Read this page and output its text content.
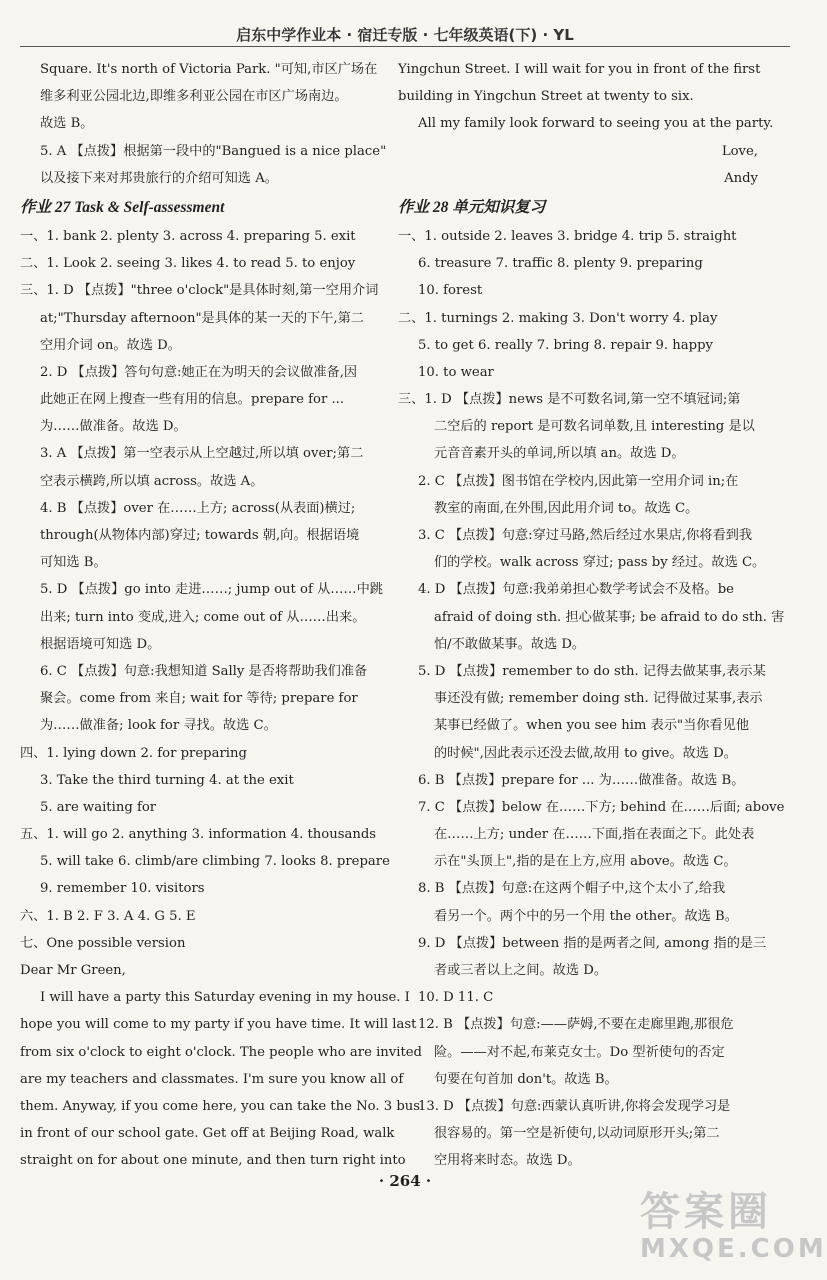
启东中学作业本 · 宿迁专版 · 七年级英语(下) · YL
Square. It's north of Victoria Park. "可知,市区广场在
维多利亚公园北边,即维多利亚公园在市区广场南边。
故选 B。
5. A 【点拨】根据第一段中的"Bangued is a nice place"
以及接下来对邦贵旅行的介绍可知选 A。
作业 27 Task & Self-assessment
一、1. bank 2. plenty 3. across 4. preparing 5. exit
二、1. Look 2. seeing 3. likes 4. to read 5. to enjoy
三、1. D 【点拨】"three o'clock"是具体时刻,第一空用介词
at;"Thursday afternoon"是具体的某一天的下午,第二
空用介词 on。故选 D。
2. D 【点拨】答句句意:她正在为明天的会议做准备,因
此她正在网上搜查一些有用的信息。prepare for ...
为……做准备。故选 D。
3. A 【点拨】第一空表示从上空越过,所以填 over;第二
空表示横跨,所以填 across。故选 A。
4. B 【点拨】over 在……上方; across(从表面)横过;
through(从物体内部)穿过; towards 朝,向。根据语境
可知选 B。
5. D 【点拨】go into 走进……; jump out of 从……中跳
出来; turn into 变成,进入; come out of 从……出来。
根据语境可知选 D。
6. C 【点拨】句意:我想知道 Sally 是否将帮助我们准备
聚会。come from 来自; wait for 等待; prepare for
为……做准备; look for 寻找。故选 C。
四、1. lying down 2. for preparing
3. Take the third turning 4. at the exit
5. are waiting for
五、1. will go 2. anything 3. information 4. thousands
5. will take 6. climb/are climbing 7. looks 8. prepare
9. remember 10. visitors
六、1. B 2. F 3. A 4. G 5. E
七、One possible version
Dear Mr Green,
I will have a party this Saturday evening in my house. I
hope you will come to my party if you have time. It will last
from six o'clock to eight o'clock. The people who are invited
are my teachers and classmates. I'm sure you know all of
them. Anyway, if you come here, you can take the No. 3 bus
in front of our school gate. Get off at Beijing Road, walk
straight on for about one minute, and then turn right into
Yingchun Street. I will wait for you in front of the first
building in Yingchun Street at twenty to six.
All my family look forward to seeing you at the party.
Love,
Andy
作业 28 单元知识复习
一、1. outside 2. leaves 3. bridge 4. trip 5. straight
6. treasure 7. traffic 8. plenty 9. preparing
10. forest
二、1. turnings 2. making 3. Don't worry 4. play
5. to get 6. really 7. bring 8. repair 9. happy
10. to wear
三、1. D 【点拨】news 是不可数名词,第一空不填冠词;第
二空后的 report 是可数名词单数,且 interesting 是以
元音音素开头的单词,所以填 an。故选 D。
2. C 【点拨】图书馆在学校内,因此第一空用介词 in;在
教室的南面,在外围,因此用介词 to。故选 C。
3. C 【点拨】句意:穿过马路,然后经过水果店,你将看到我
们的学校。walk across 穿过; pass by 经过。故选 C。
4. D 【点拨】句意:我弟弟担心数学考试会不及格。be
afraid of doing sth. 担心做某事; be afraid to do sth. 害
怕/不敢做某事。故选 D。
5. D 【点拨】remember to do sth. 记得去做某事,表示某
事还没有做; remember doing sth. 记得做过某事,表示
某事已经做了。when you see him 表示"当你看见他
的时候",因此表示还没去做,故用 to give。故选 D。
6. B 【点拨】prepare for ... 为……做准备。故选 B。
7. C 【点拨】below 在……下方; behind 在……后面; above
在……上方; under 在……下面,指在表面之下。此处表
示在"头顶上",指的是在上方,应用 above。故选 C。
8. B 【点拨】句意:在这两个帽子中,这个太小了,给我
看另一个。两个中的另一个用 the other。故选 B。
9. D 【点拨】between 指的是两者之间, among 指的是三
者或三者以上之间。故选 D。
10. D 11. C
12. B 【点拨】句意:——萨姆,不要在走廊里跑,那很危
险。——对不起,布莱克女士。Do 型祈使句的否定
句要在句首加 don't。故选 B。
13. D 【点拨】句意:西蒙认真听讲,你将会发现学习是
很容易的。第一空是祈使句,以动词原形开头;第二
空用将来时态。故选 D。
· 264 ·
答案圈
MXQE.COM
